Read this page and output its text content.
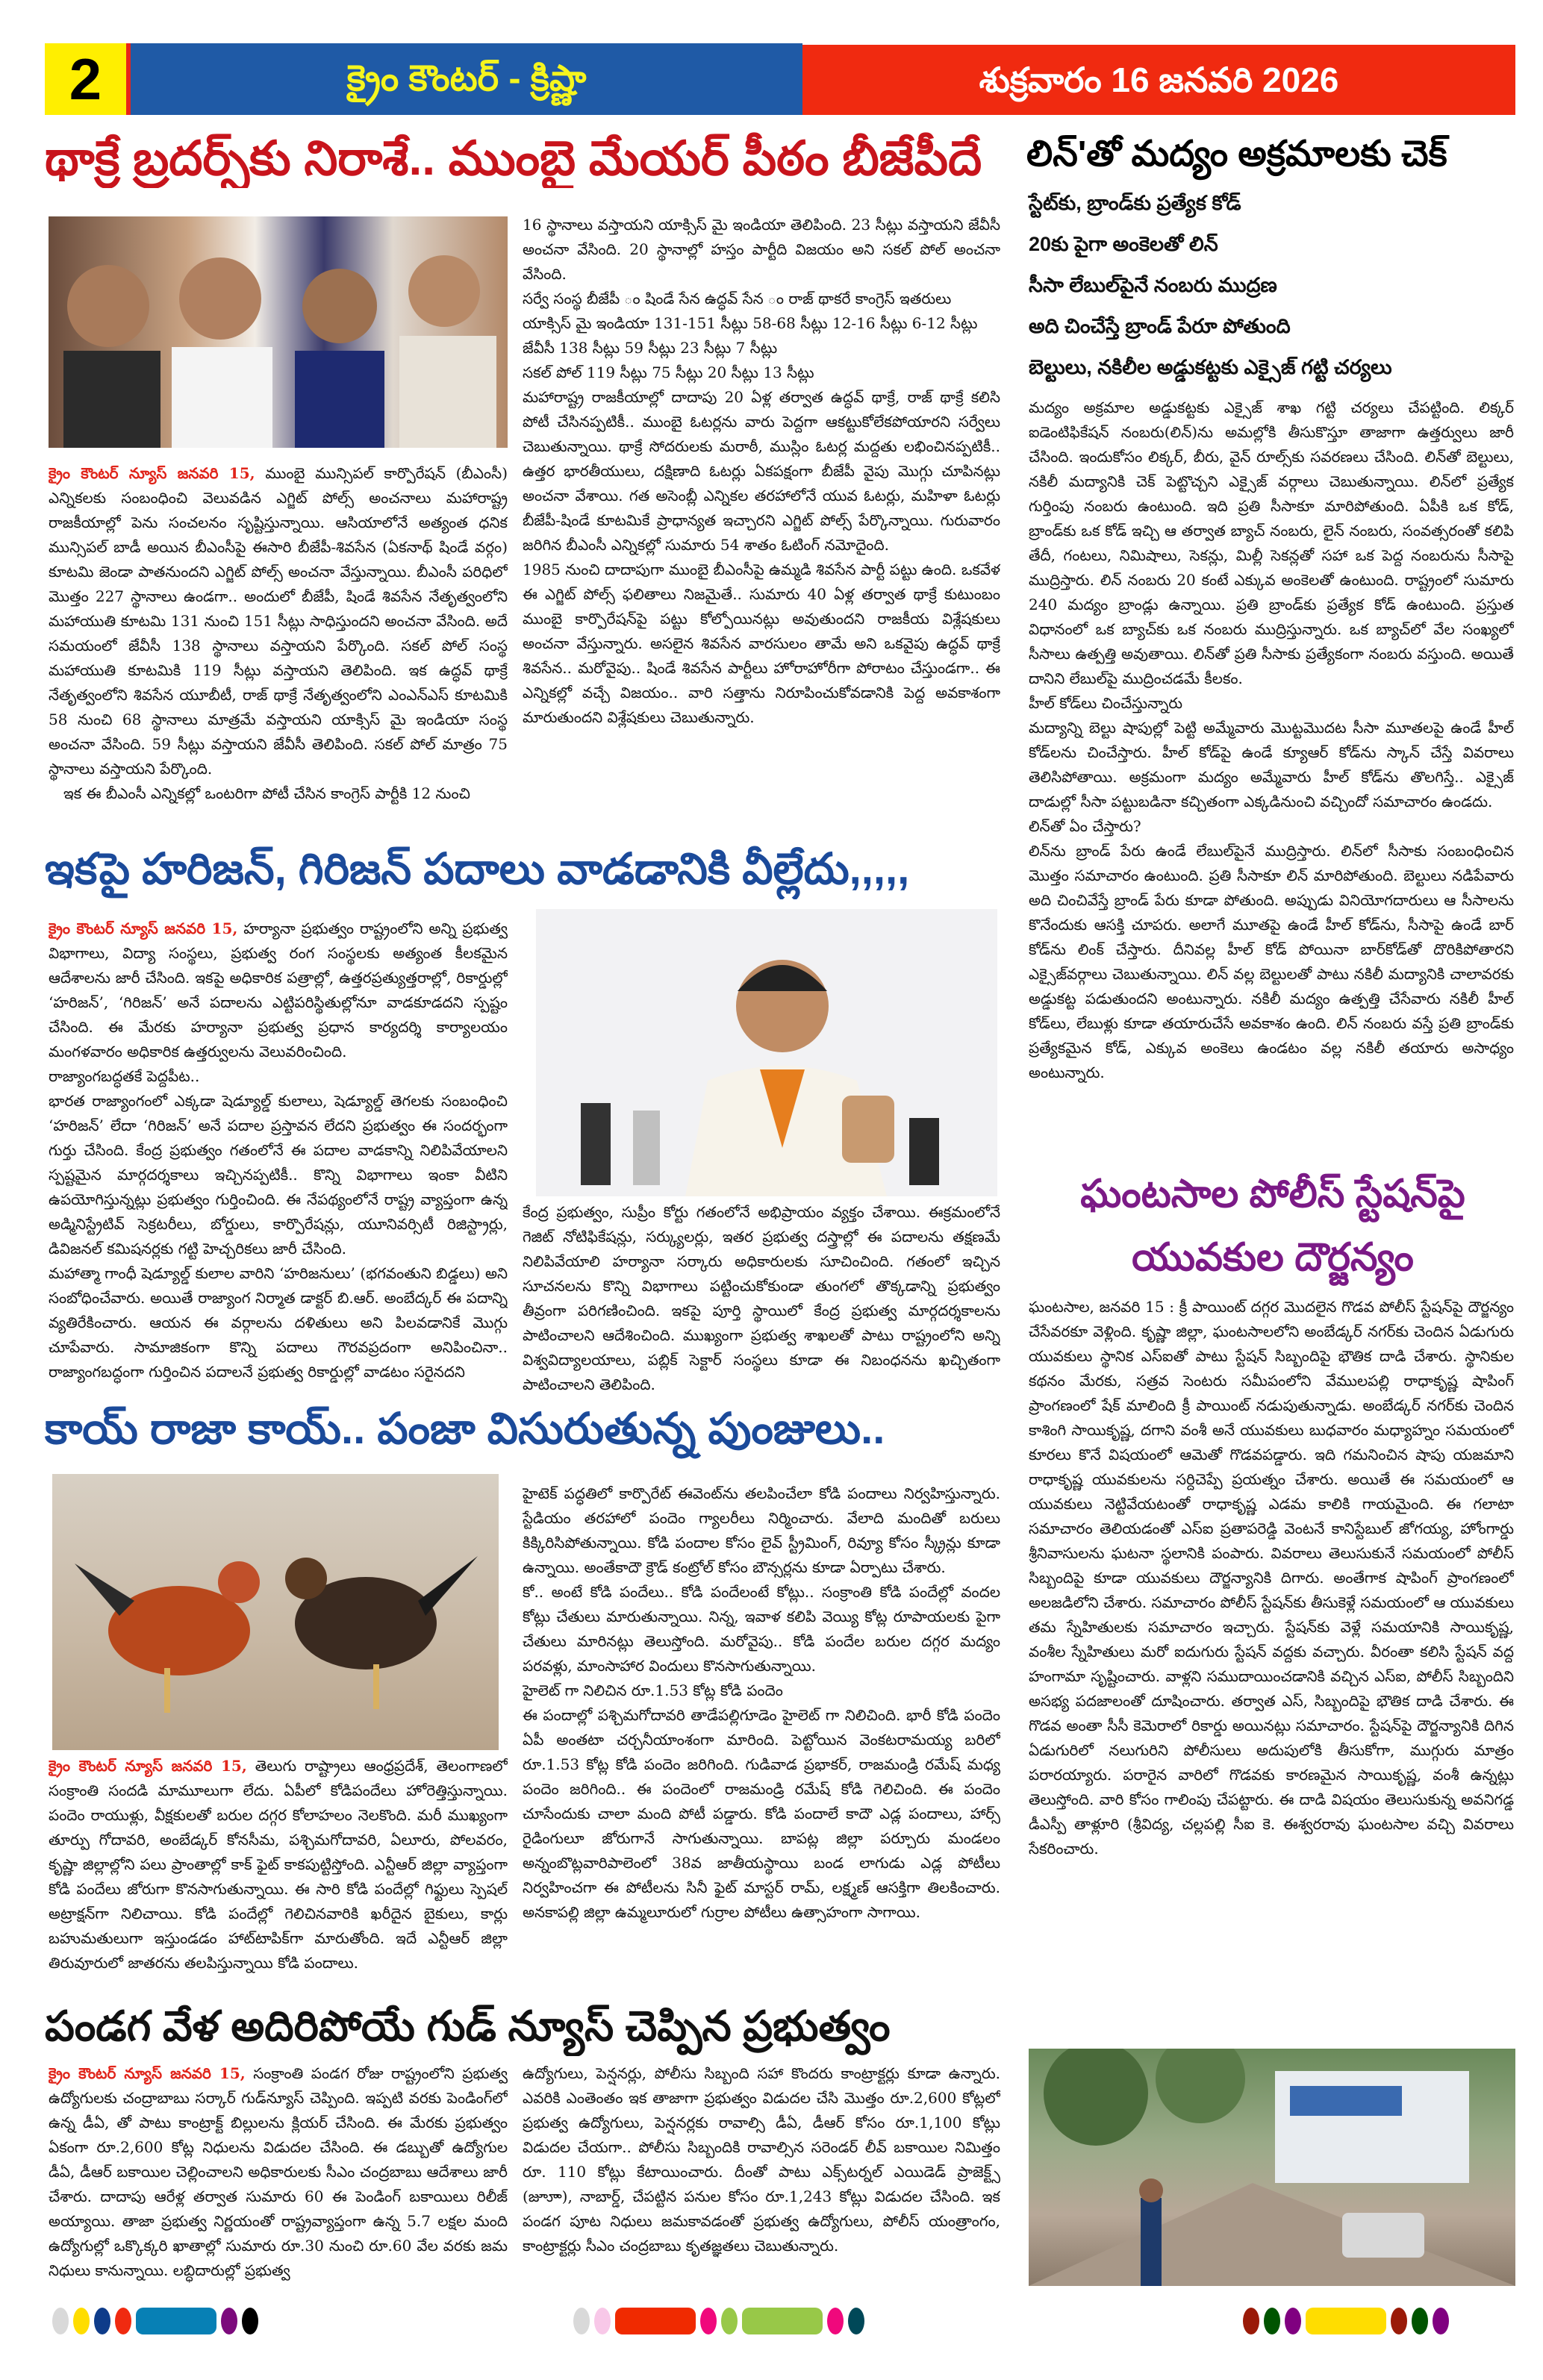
2	క్రైం కౌంటర్ - క్రిష్ణా	శుక్రవారం 16 జనవరి 2026
థాక్రే బ్రదర్స్‌కు నిరాశే.. ముంబై మేయర్ పీఠం బీజేపీదే

క్రైం కౌంటర్ న్యూస్ జనవరి 15, ముంబై మున్సిపల్ కార్పొరేషన్ (బీఎంసీ) ఎన్నికలకు సంబంధించి వెలువడిన ఎగ్జిట్ పోల్స్ అంచనాలు మహారాష్ట్ర రాజకీయాల్లో పెను సంచలనం సృష్టిస్తున్నాయి. ఆసియాలోనే అత్యంత ధనిక మున్సిపల్ బాడీ అయిన బీఎంసీపై ఈసారి బీజేపీ-శివసేన (ఏకనాథ్ షిండే వర్గం) కూటమి జెండా పాతనుందని ఎగ్జిట్ పోల్స్ అంచనా వేస్తున్నాయి. బీఎంసీ పరిధిలో మొత్తం 227 స్థానాలు ఉండగా.. అందులో బీజేపీ, షిండే శివసేన నేతృత్వంలోని మహాయుతి కూటమి 131 నుంచి 151 సీట్లు సాధిస్తుందని అంచనా వేసింది. అదే సమయంలో జేవీసీ 138 స్థానాలు వస్తాయని పేర్కొంది. సకల్ పోల్ సంస్థ మహాయుతి కూటమికి 119 సీట్లు వస్తాయని తెలిపింది. ఇక ఉద్ధవ్ థాక్రే నేతృత్వంలోని శివసేన యూబీటీ, రాజ్ థాక్రే నేతృత్వంలోని ఎంఎన్ఎస్ కూటమికి 58 నుంచి 68 స్థానాలు మాత్రమే వస్తాయని యాక్సిస్ మై ఇండియా సంస్థ అంచనా వేసింది. 59 సీట్లు వస్తాయని జేవీసీ తెలిపింది. సకల్ పోల్ మాత్రం 75 స్థానాలు వస్తాయని పేర్కొంది.

ఇక ఈ బీఎంసీ ఎన్నికల్లో ఒంటరిగా పోటీ చేసిన కాంగ్రెస్ పార్టీకి 12 నుంచి

16 స్థానాలు వస్తాయని యాక్సిస్ మై ఇండియా తెలిపింది. 23 సీట్లు వస్తాయని జేవీసీ అంచనా వేసింది. 20 స్థానాల్లో హస్తం పార్టీది విజయం అని సకల్ పోల్ అంచనా వేసింది.

సర్వే సంస్థ బీజేపీ ం షిండే సేన ఉద్ధవ్ సేన ం రాజ్ థాకరే కాంగ్రెస్ ఇతరులు

యాక్సిస్ మై ఇండియా 131-151 సీట్లు 58-68 సీట్లు 12-16 సీట్లు 6-12 సీట్లు

జేవీసీ 138 సీట్లు 59 సీట్లు 23 సీట్లు 7 సీట్లు

సకల్ పోల్ 119 సీట్లు 75 సీట్లు 20 సీట్లు 13 సీట్లు

మహారాష్ట్ర రాజకీయాల్లో దాదాపు 20 ఏళ్ల తర్వాత ఉద్ధవ్ థాక్రే, రాజ్ థాక్రే కలిసి పోటీ చేసినప్పటికీ.. ముంబై ఓటర్లను వారు పెద్దగా ఆకట్టుకోలేకపోయారని సర్వేలు చెబుతున్నాయి. థాక్రే సోదరులకు మరాఠీ, ముస్లిం ఓటర్ల మద్దతు లభించినప్పటికీ.. ఉత్తర భారతీయులు, దక్షిణాది ఓటర్లు ఏకపక్షంగా బీజేపీ వైపు మొగ్గు చూపినట్లు అంచనా వేశాయి. గత అసెంబ్లీ ఎన్నికల తరహాలోనే యువ ఓటర్లు, మహిళా ఓటర్లు బీజేపీ-షిండే కూటమికే ప్రాధాన్యత ఇచ్చారని ఎగ్జిట్ పోల్స్ పేర్కొన్నాయి. గురువారం జరిగిన బీఎంసీ ఎన్నికల్లో సుమారు 54 శాతం ఓటింగ్ నమోదైంది.

1985 నుంచి దాదాపుగా ముంబై బీఎంసీపై ఉమ్మడి శివసేన పార్టీ పట్టు ఉంది. ఒకవేళ ఈ ఎగ్జిట్ పోల్స్ ఫలితాలు నిజమైతే.. సుమారు 40 ఏళ్ల తర్వాత థాక్రే కుటుంబం ముంబై కార్పొరేషన్‌పై పట్టు కోల్పోయినట్లు అవుతుందని రాజకీయ విశ్లేషకులు అంచనా వేస్తున్నారు. అసలైన శివసేన వారసులం తామే అని ఒకవైపు ఉద్ధవ్ థాక్రే శివసేన.. మరోవైపు.. షిండే శివసేన పార్టీలు హోరాహోరీగా పోరాటం చేస్తుండగా.. ఈ ఎన్నికల్లో వచ్చే విజయం.. వారి సత్తాను నిరూపించుకోవడానికి పెద్ద అవకాశంగా మారుతుందని విశ్లేషకులు చెబుతున్నారు.

లిన్'తో మద్యం అక్రమాలకు చెక్
స్టేట్‌కు, బ్రాండ్‌కు ప్రత్యేక కోడ్
20కు పైగా అంకెలతో లిన్
సీసా లేబుల్‌పైనే నంబరు ముద్రణ
అది చించేస్తే బ్రాండ్ పేరూ పోతుంది
బెల్టులు, నకిలీల అడ్డుకట్టకు ఎక్సైజ్ గట్టి చర్యలు

మద్యం అక్రమాల అడ్డుకట్టకు ఎక్సైజ్ శాఖ గట్టి చర్యలు చేపట్టింది. లిక్కర్ ఐడెంటిఫికేషన్ నంబరు(లిన్)ను అమల్లోకి తీసుకొస్తూ తాజాగా ఉత్తర్వులు జారీ చేసింది. ఇందుకోసం లిక్కర్, బీరు, వైన్ రూల్స్‌కు సవరణలు చేసింది. లిన్‌తో బెల్టులు, నకిలీ మద్యానికి చెక్ పెట్టొచ్చని ఎక్సైజ్ వర్గాలు చెబుతున్నాయి. లిన్‌లో ప్రత్యేక గుర్తింపు నంబరు ఉంటుంది. ఇది ప్రతి సీసాకూ మారిపోతుంది. ఏపీకి ఒక కోడ్, బ్రాండ్‌కు ఒక కోడ్ ఇచ్చి ఆ తర్వాత బ్యాచ్ నంబరు, లైన్ నంబరు, సంవత్సరంతో కలిపి తేదీ, గంటలు, నిమిషాలు, సెకన్లు, మిల్లీ సెకన్లతో సహా ఒక పెద్ద నంబరును సీసాపై ముద్రిస్తారు. లిన్ నంబరు 20 కంటే ఎక్కువ అంకెలతో ఉంటుంది. రాష్ట్రంలో సుమారు 240 మద్యం బ్రాండ్లు ఉన్నాయి. ప్రతి బ్రాండ్‌కు ప్రత్యేక కోడ్ ఉంటుంది. ప్రస్తుత విధానంలో ఒక బ్యాచ్‌కు ఒక నంబరు ముద్రిస్తున్నారు. ఒక బ్యాచ్‌లో వేల సంఖ్యలో సీసాలు ఉత్పత్తి అవుతాయి. లిన్‌తో ప్రతి సీసాకు ప్రత్యేకంగా నంబరు వస్తుంది. అయితే దానిని లేబుల్‌పై ముద్రించడమే కీలకం.

హీల్ కోడ్‌లు చించేస్తున్నారు

మద్యాన్ని బెల్టు షాపుల్లో పెట్టి అమ్మేవారు మొట్టమొదట సీసా మూతలపై ఉండే హీల్ కోడ్‌లను చించేస్తారు. హీల్ కోడ్‌పై ఉండే క్యూఆర్ కోడ్‌ను స్కాన్ చేస్తే వివరాలు తెలిసిపోతాయి. అక్రమంగా మద్యం అమ్మేవారు హీల్ కోడ్‌ను తొలగిస్తే.. ఎక్సైజ్ దాడుల్లో సీసా పట్టుబడినా కచ్చితంగా ఎక్కడినుంచి వచ్చిందో సమాచారం ఉండదు.

లిన్‌తో ఏం చేస్తారు?

లిన్‌ను బ్రాండ్ పేరు ఉండే లేబుల్‌పైనే ముద్రిస్తారు. లిన్‌లో సీసాకు సంబంధించిన మొత్తం సమాచారం ఉంటుంది. ప్రతి సీసాకూ లిన్ మారిపోతుంది. బెల్టులు నడిపేవారు అది చించివేస్తే బ్రాండ్ పేరు కూడా పోతుంది. అప్పుడు వినియోగదారులు ఆ సీసాలను కొనేందుకు ఆసక్తి చూపరు. అలాగే మూతపై ఉండే హీల్ కోడ్‌ను, సీసాపై ఉండే బార్ కోడ్‌ను లింక్ చేస్తారు. దీనివల్ల హీల్ కోడ్ పోయినా బార్‌కోడ్‌తో దొరికిపోతారని ఎక్సైజ్‌వర్గాలు చెబుతున్నాయి. లిన్ వల్ల బెల్టులతో పాటు నకిలీ మద్యానికి చాలావరకు అడ్డుకట్ట పడుతుందని అంటున్నారు. నకిలీ మద్యం ఉత్పత్తి చేసేవారు నకిలీ హీల్ కోడ్‌లు, లేబుళ్లు కూడా తయారుచేసే అవకాశం ఉంది. లిన్ నంబరు వస్తే ప్రతి బ్రాండ్‌కు ప్రత్యేకమైన కోడ్, ఎక్కువ అంకెలు ఉండటం వల్ల నకిలీ తయారు అసాధ్యం అంటున్నారు.

ఇకపై హరిజన్, గిరిజన్ పదాలు వాడడానికి వీల్లేదు,,,,,

క్రైం కౌంటర్ న్యూస్ జనవరి 15, హర్యానా ప్రభుత్వం రాష్ట్రంలోని అన్ని ప్రభుత్వ విభాగాలు, విద్యా సంస్థలు, ప్రభుత్వ రంగ సంస్థలకు అత్యంత కీలకమైన ఆదేశాలను జారీ చేసింది. ఇకపై అధికారిక పత్రాల్లో, ఉత్తరప్రత్యుత్తరాల్లో, రికార్డుల్లో ‘హరిజన్’, ‘గిరిజన్’ అనే పదాలను ఎట్టిపరిస్థితుల్లోనూ వాడకూడదని స్పష్టం చేసింది. ఈ మేరకు హర్యానా ప్రభుత్వ ప్రధాన కార్యదర్శి కార్యాలయం మంగళవారం అధికారిక ఉత్తర్వులను వెలువరించింది.

రాజ్యాంగబద్ధతకే పెద్దపీట..

భారత రాజ్యాంగంలో ఎక్కడా షెడ్యూల్డ్ కులాలు, షెడ్యూల్డ్ తెగలకు సంబంధించి ‘హరిజన్’ లేదా ‘గిరిజన్’ అనే పదాల ప్రస్తావన లేదని ప్రభుత్వం ఈ సందర్భంగా గుర్తు చేసింది. కేంద్ర ప్రభుత్వం గతంలోనే ఈ పదాల వాడకాన్ని నిలిపివేయాలని స్పష్టమైన మార్గదర్శకాలు ఇచ్చినప్పటికీ.. కొన్ని విభాగాలు ఇంకా వీటిని ఉపయోగిస్తున్నట్లు ప్రభుత్వం గుర్తించింది. ఈ నేపథ్యంలోనే రాష్ట్ర వ్యాప్తంగా ఉన్న అడ్మినిస్ట్రేటివ్ సెక్రటరీలు, బోర్డులు, కార్పొరేషన్లు, యూనివర్సిటీ రిజిస్ట్రార్లు, డివిజనల్ కమిషనర్లకు గట్టి హెచ్చరికలు జారీ చేసింది.

మహాత్మా గాంధీ షెడ్యూల్డ్ కులాల వారిని ‘హరిజనులు’ (భగవంతుని బిడ్డలు) అని సంబోధించేవారు. అయితే రాజ్యాంగ నిర్మాత డాక్టర్ బి.ఆర్. అంబేద్కర్ ఈ పదాన్ని వ్యతిరేకించారు. ఆయన ఈ వర్గాలను దళితులు అని పిలవడానికే మొగ్గు చూపేవారు. సామాజికంగా కొన్ని పదాలు గౌరవప్రదంగా అనిపించినా.. రాజ్యాంగబద్ధంగా గుర్తించిన పదాలనే ప్రభుత్వ రికార్డుల్లో వాడటం సరైనదని

కేంద్ర ప్రభుత్వం, సుప్రీం కోర్టు గతంలోనే అభిప్రాయం వ్యక్తం చేశాయి. ఈక్రమంలోనే గెజిట్ నోటిఫికేషన్లు, సర్క్యులర్లు, ఇతర ప్రభుత్వ దస్త్రాల్లో ఈ పదాలను తక్షణమే నిలిపివేయాలి హర్యానా సర్కారు అధికారులకు సూచించింది. గతంలో ఇచ్చిన సూచనలను కొన్ని విభాగాలు పట్టించుకోకుండా తుంగలో తొక్కడాన్ని ప్రభుత్వం తీవ్రంగా పరిగణించింది. ఇకపై పూర్తి స్థాయిలో కేంద్ర ప్రభుత్వ మార్గదర్శకాలను పాటించాలని ఆదేశించింది. ముఖ్యంగా ప్రభుత్వ శాఖలతో పాటు రాష్ట్రంలోని అన్ని విశ్వవిద్యాలయాలు, పబ్లిక్ సెక్టార్ సంస్థలు కూడా ఈ నిబంధనను ఖచ్చితంగా పాటించాలని తెలిపింది.

ఘంటసాల పోలీస్ స్టేషన్‌పై
యువకుల దౌర్జన్యం

ఘంటసాల, జనవరి 15 : క్రీ పాయింట్ దగ్గర మొదలైన గొడవ పోలీస్ స్టేషన్‌పై దౌర్జన్యం చేసేవరకూ వెళ్లింది. కృష్ణా జిల్లా, ఘంటసాలలోని అంబేడ్కర్ నగర్‌కు చెందిన ఏడుగురు యువకులు స్థానిక ఎస్ఐతో పాటు స్టేషన్ సిబ్బందిపై భౌతిక దాడి చేశారు. స్థానికుల కథనం మేరకు, సత్రవ సెంటరు సమీపంలోని వేములపల్లి రాధాకృష్ణ షాపింగ్ ప్రాంగణంలో షేక్ మాలింది క్రీ పాయింట్ నడుపుతున్నాడు. అంబేడ్కర్ నగర్‌కు చెందిన కాశింగి సాయికృష్ణ, దగాని వంశీ అనే యువకులు బుధవారం మధ్యాహ్నం సమయంలో కూరలు కొనే విషయంలో ఆమెతో గొడవపడ్డారు. ఇది గమనించిన షాపు యజమాని రాధాకృష్ణ యువకులను సర్దిచెప్పే ప్రయత్నం చేశారు. అయితే ఈ సమయంలో ఆ యువకులు నెట్టివేయటంతో రాధాకృష్ణ ఎడమ కాలికి గాయమైంది. ఈ గలాటా సమాచారం తెలియడంతో ఎస్ఐ ప్రతాపరెడ్డి వెంటనే కానిస్టేబుల్ జోగయ్య, హోంగార్డు శ్రీనివాసులను ఘటనా స్థలానికి పంపారు. వివరాలు తెలుసుకునే సమయంలో పోలీస్ సిబ్బందిపై కూడా యువకులు దౌర్జన్యానికి దిగారు. అంతేగాక షాపింగ్ ప్రాంగణంలో అలజడిలోని చేశారు. సమాచారం పోలీస్ స్టేషన్‌కు తీసుకెళ్లే సమయంలో ఆ యువకులు తమ స్నేహితులకు సమాచారం ఇచ్చారు. స్టేషన్‌కు వెళ్లే సమయానికి సాయికృష్ణ, వంశీల స్నేహితులు మరో ఐదుగురు స్టేషన్ వద్దకు వచ్చారు. వీరంతా కలిసి స్టేషన్ వద్ద హంగామా సృష్టించారు. వాళ్లని సముదాయించడానికి వచ్చిన ఎస్ఐ, పోలీస్ సిబ్బందిని అసభ్య పదజాలంతో దూషించారు. తర్వాత ఎస్, సిబ్బందిపై భౌతిక దాడి చేశారు. ఈ గొడవ అంతా సీసీ కెమెరాలో రికార్డు అయినట్లు సమాచారం. స్టేషన్‌పై దౌర్జన్యానికి దిగిన ఏడుగురిలో నలుగురిని పోలీసులు అదుపులోకి తీసుకోగా, ముగ్గురు మాత్రం పరారయ్యారు. పరారైన వారిలో గొడవకు కారణమైన సాయికృష్ణ, వంశీ ఉన్నట్లు తెలుస్తోంది. వారి కోసం గాలింపు చేపట్టారు. ఈ దాడి విషయం తెలుసుకున్న అవనిగడ్డ డీఎస్పీ తాళ్లూరి (శ్రీవిద్య, చల్లపల్లి సీఐ కె. ఈశ్వరరావు ఘంటసాల వచ్చి వివరాలు సేకరించారు.

కాయ్ రాజా కాయ్.. పంజా విసురుతున్న పుంజులు..

క్రైం కౌంటర్ న్యూస్ జనవరి 15, తెలుగు రాష్ట్రాలు ఆంధ్రప్రదేశ్, తెలంగాణలో సంక్రాంతి సందడి మామూలుగా లేదు. ఏపీలో కోడిపందేలు హోరెత్తిస్తున్నాయి. పందెం రాయుళ్లు, వీక్షకులతో బరుల దగ్గర కోలాహలం నెలకొంది. మరీ ముఖ్యంగా తూర్పు గోదావరి, అంబేడ్కర్ కోనసీమ, పశ్చిమగోదావరి, ఏలూరు, పోలవరం, కృష్ణా జిల్లాల్లోని పలు ప్రాంతాల్లో కాక్ ఫైట్ కాకపుట్టిస్తోంది. ఎన్టీఆర్ జిల్లా వ్యాప్తంగా కోడి పందేలు జోరుగా కొనసాగుతున్నాయి. ఈ సారి కోడి పందేల్లో గిఫ్టులు స్పెషల్ అట్రాక్షన్‌గా నిలిచాయి. కోడి పందేల్లో గెలిచినవారికి ఖరీదైన బైకులు, కార్లు బహుమతులుగా ఇస్తుండడం హాట్‌టాపిక్‌గా మారుతోంది. ఇదే ఎన్టీఆర్ జిల్లా తిరువూరులో జాతరను తలపిస్తున్నాయి కోడి పందాలు.

హైటెక్ పద్ధతిలో కార్పొరేట్ ఈవెంట్‌ను తలపించేలా కోడి పందాలు నిర్వహిస్తున్నారు. స్టేడియం తరహాలో పందెం గ్యాలరీలు నిర్మించారు. వేలాది మందితో బరులు కిక్కిరిసిపోతున్నాయి. కోడి పందాల కోసం లైవ్ స్ట్రీమింగ్, రివ్యూ కోసం స్క్రీన్లు కూడా ఉన్నాయి. అంతేకాదౌ క్రౌడ్ కంట్రోల్ కోసం బౌన్సర్లను కూడా ఏర్పాటు చేశారు.

కో.. అంటే కోడి పందేలు.. కోడి పందేలంటే కోట్లు.. సంక్రాంతి కోడి పందేల్లో వందల కోట్లు చేతులు మారుతున్నాయి. నిన్న, ఇవాళ కలిపి వెయ్యి కోట్ల రూపాయలకు పైగా చేతులు మారినట్లు తెలుస్తోంది. మరోవైపు.. కోడి పందేల బరుల దగ్గర మద్యం పరవళ్లు, మాంసాహార విందులు కొనసాగుతున్నాయి.

హైలెట్ గా నిలిచిన రూ.1.53 కోట్ల కోడి పందెం

ఈ పందాల్లో పశ్చిమగోదావరి తాడేపల్లిగూడెం హైలెట్ గా నిలిచింది. భారీ కోడి పందెం ఏపీ అంతటా చర్చనీయాంశంగా మారింది. పెట్టోయిన వెంకటరామయ్య బరిలో రూ.1.53 కోట్ల కోడి పందెం జరిగింది. గుడివాడ ప్రభాకర్, రాజమండ్రి రమేష్ మధ్య పందెం జరిగింది.. ఈ పందెంలో రాజమండ్రి రమేష్ కోడి గెలిచింది. ఈ పందెం చూసేందుకు చాలా మంది పోటీ పడ్డారు. కోడి పందాలే కాదౌ ఎడ్ల పందాలు, హార్స్ రైడింగులూ జోరుగానే సాగుతున్నాయి. బాపట్ల జిల్లా పర్చూరు మండలం అన్నంబొట్లవారిపాలెంలో 38వ జాతీయస్థాయి బండ లాగుడు ఎడ్ల పోటీలు నిర్వహించగా ఈ పోటీలను సినీ ఫైట్ మాస్టర్ రామ్, లక్ష్మణ్ ఆసక్తిగా తిలకించారు. అనకాపల్లి జిల్లా ఉమ్మలూరులో గుర్రాల పోటీలు ఉత్సాహంగా సాగాయి.

పండగ వేళ అదిరిపోయే గుడ్ న్యూస్ చెప్పిన ప్రభుత్వం

క్రైం కౌంటర్ న్యూస్ జనవరి 15, సంక్రాంతి పండగ రోజు రాష్ట్రంలోని ప్రభుత్వ ఉద్యోగులకు చంద్రాబాబు సర్కార్ గుడ్‌న్యూస్ చెప్పింది. ఇప్పటి వరకు పెండింగ్‌లో ఉన్న డీఏ, తో పాటు కాంట్రాక్ట్ బిల్లులను క్లియర్ చేసింది. ఈ మేరకు ప్రభుత్వం ఏకంగా రూ.2,600 కోట్ల నిధులను విడుదల చేసింది. ఈ డబ్బుతో ఉద్యోగుల డీఏ, డీఆర్ బకాయిల చెల్లించాలని అధికారులకు సీఎం చంద్రబాబు ఆదేశాలు జారీ చేశారు. దాదాపు ఆరేళ్ల తర్వాత సుమారు 60 ఈ పెండింగ్ బకాయిలు రిలీజ్ అయ్యాయి. తాజా ప్రభుత్వ నిర్ణయంతో రాష్ట్రవ్యాప్తంగా ఉన్న 5.7 లక్షల మంది ఉద్యోగుల్లో ఒక్కొక్కరి ఖాతాల్లో సుమారు రూ.30 నుంచి రూ.60 వేల వరకు జమ నిధులు కానున్నాయి. లబ్ధిదారుల్లో ప్రభుత్వ

ఉద్యోగులు, పెన్షనర్లు, పోలీసు సిబ్బంది సహా కొందరు కాంట్రాక్టర్లు కూడా ఉన్నారు. ఎవరికి ఎంతెంతం ఇక తాజాగా ప్రభుత్వం విడుదల చేసి మొత్తం రూ.2,600 కోట్లలో ప్రభుత్వ ఉద్యోగులు, పెన్షనర్లకు రావాల్సి డీఏ, డీఆర్ కోసం రూ.1,100 కోట్లు విడుదల చేయగా.. పోలీసు సిబ్బందికి రావాల్సిన సరెండర్ లీవ్ బకాయిల నిమిత్తం రూ. 110 కోట్లు కేటాయించారు. దీంతో పాటు ఎక్స్‌టర్నల్ ఎయిడెడ్ ప్రాజెక్ట్స్ (జూూా), నాబార్డ్, చేపట్టిన పనుల కోసం రూ.1,243 కోట్లు విడుదల చేసింది. ఇక పండగ పూట నిధులు జమకావడంతో ప్రభుత్వ ఉద్యోగులు, పోలీస్ యంత్రాంగం, కాంట్రాక్టర్లు సీఎం చంద్రబాబు కృతజ్ఞతలు చెబుతున్నారు.
